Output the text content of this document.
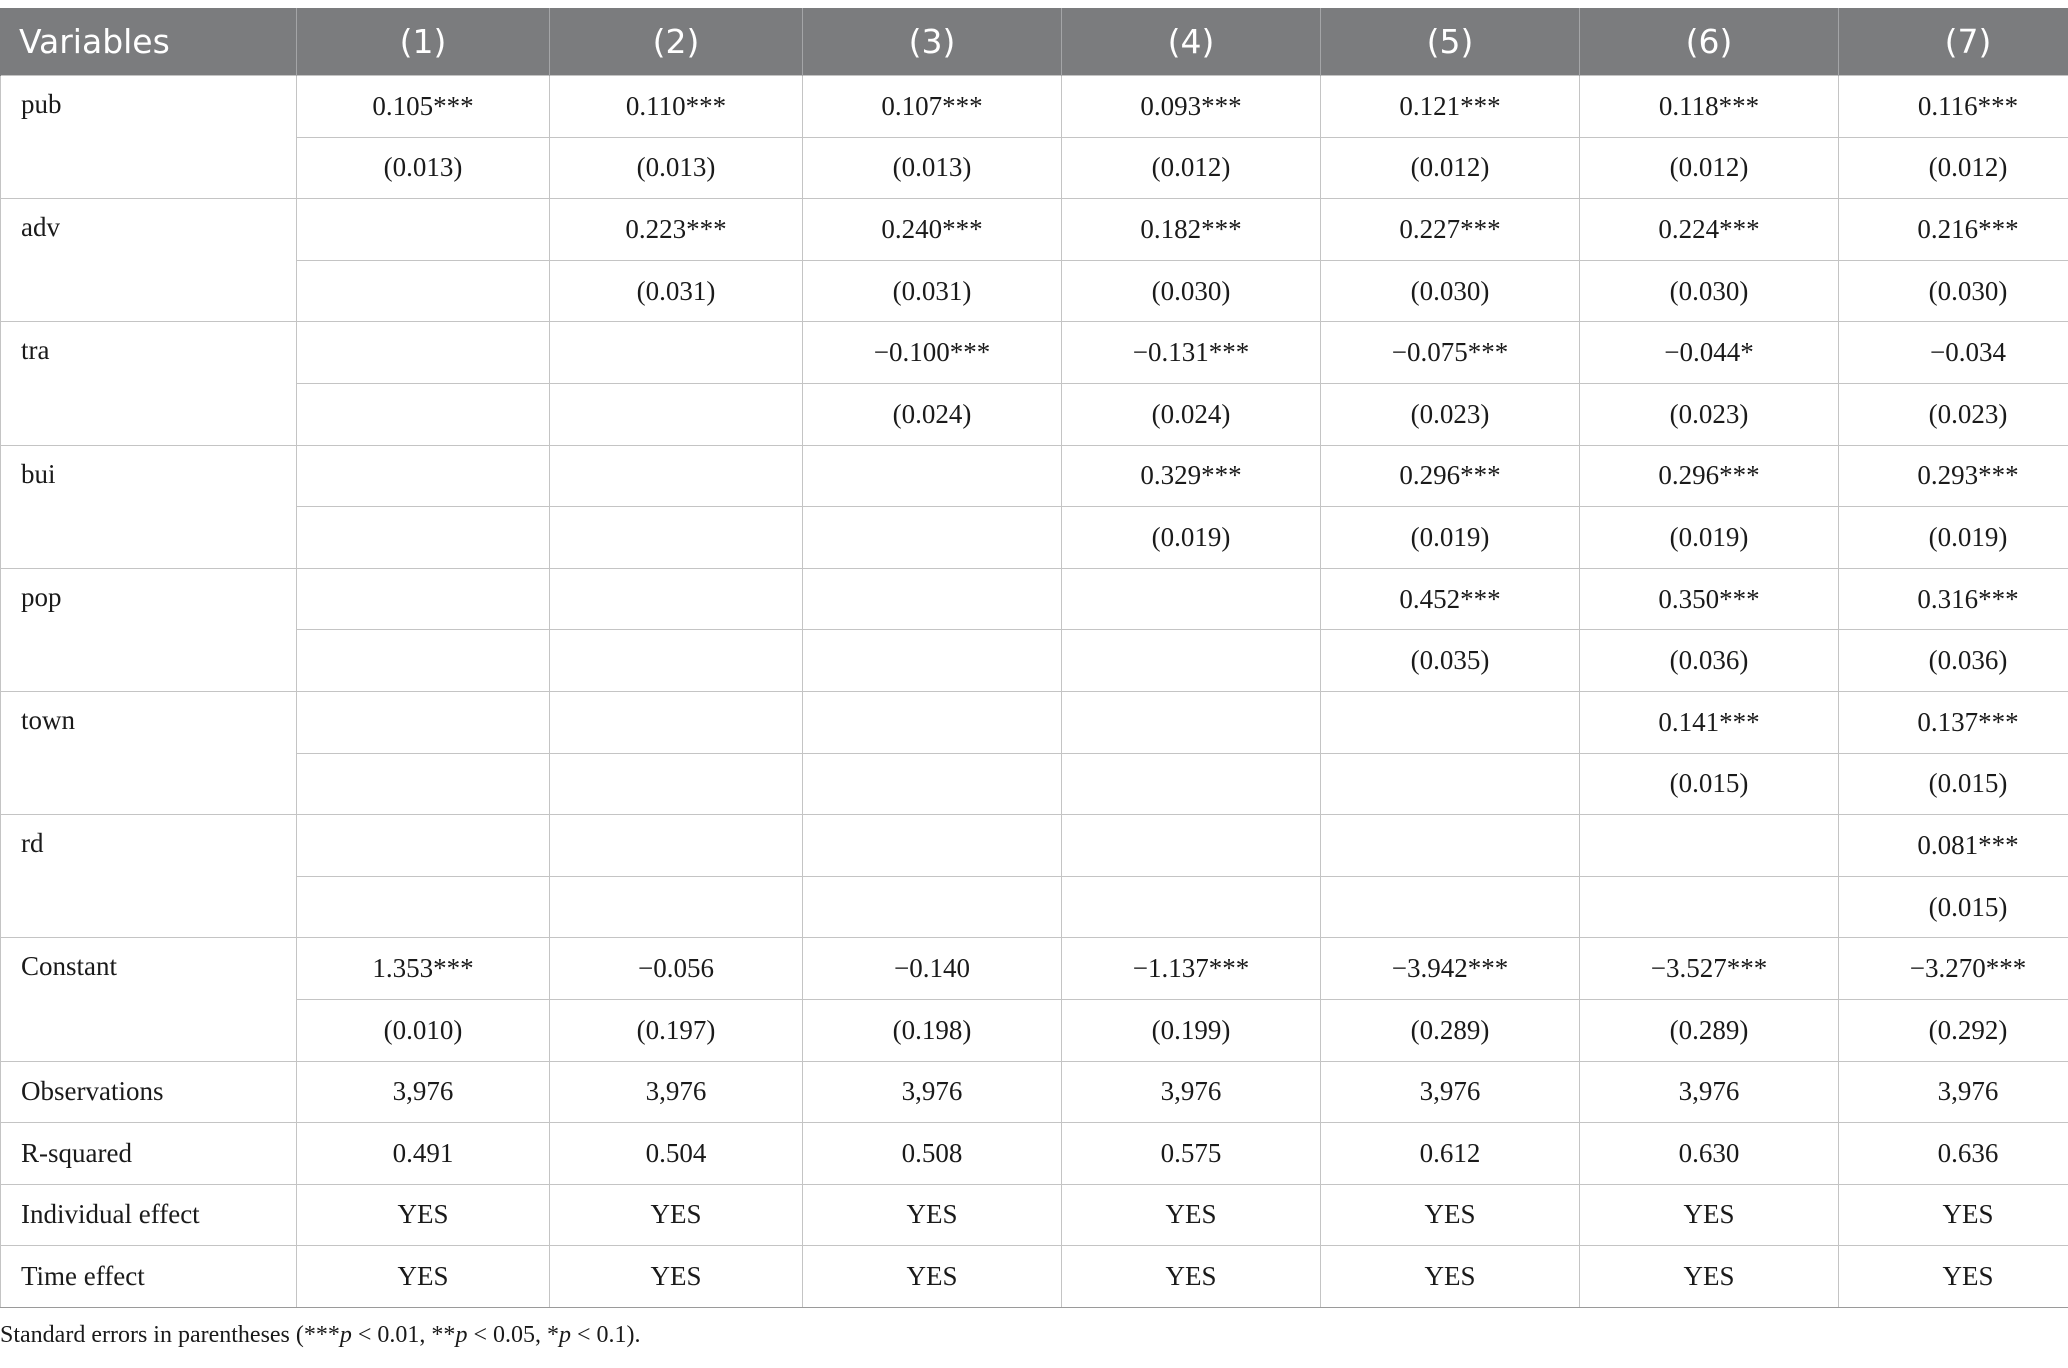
Variables	(1)	(2)	(3)	(4)	(5)	(6)	(7)
pub	0.105***	0.110***	0.107***	0.093***	0.121***	0.118***	0.116***
	(0.013)	(0.013)	(0.013)	(0.012)	(0.012)	(0.012)	(0.012)
adv		0.223***	0.240***	0.182***	0.227***	0.224***	0.216***
		(0.031)	(0.031)	(0.030)	(0.030)	(0.030)	(0.030)
tra			−0.100***	−0.131***	−0.075***	−0.044*	−0.034
			(0.024)	(0.024)	(0.023)	(0.023)	(0.023)
bui				0.329***	0.296***	0.296***	0.293***
				(0.019)	(0.019)	(0.019)	(0.019)
pop					0.452***	0.350***	0.316***
					(0.035)	(0.036)	(0.036)
town						0.141***	0.137***
						(0.015)	(0.015)
rd							0.081***
							(0.015)
Constant	1.353***	−0.056	−0.140	−1.137***	−3.942***	−3.527***	−3.270***
	(0.010)	(0.197)	(0.198)	(0.199)	(0.289)	(0.289)	(0.292)
Observations	3,976	3,976	3,976	3,976	3,976	3,976	3,976
R-squared	0.491	0.504	0.508	0.575	0.612	0.630	0.636
Individual effect	YES	YES	YES	YES	YES	YES	YES
Time effect	YES	YES	YES	YES	YES	YES	YES
Standard errors in parentheses (***p < 0.01, **p < 0.05, *p < 0.1).
